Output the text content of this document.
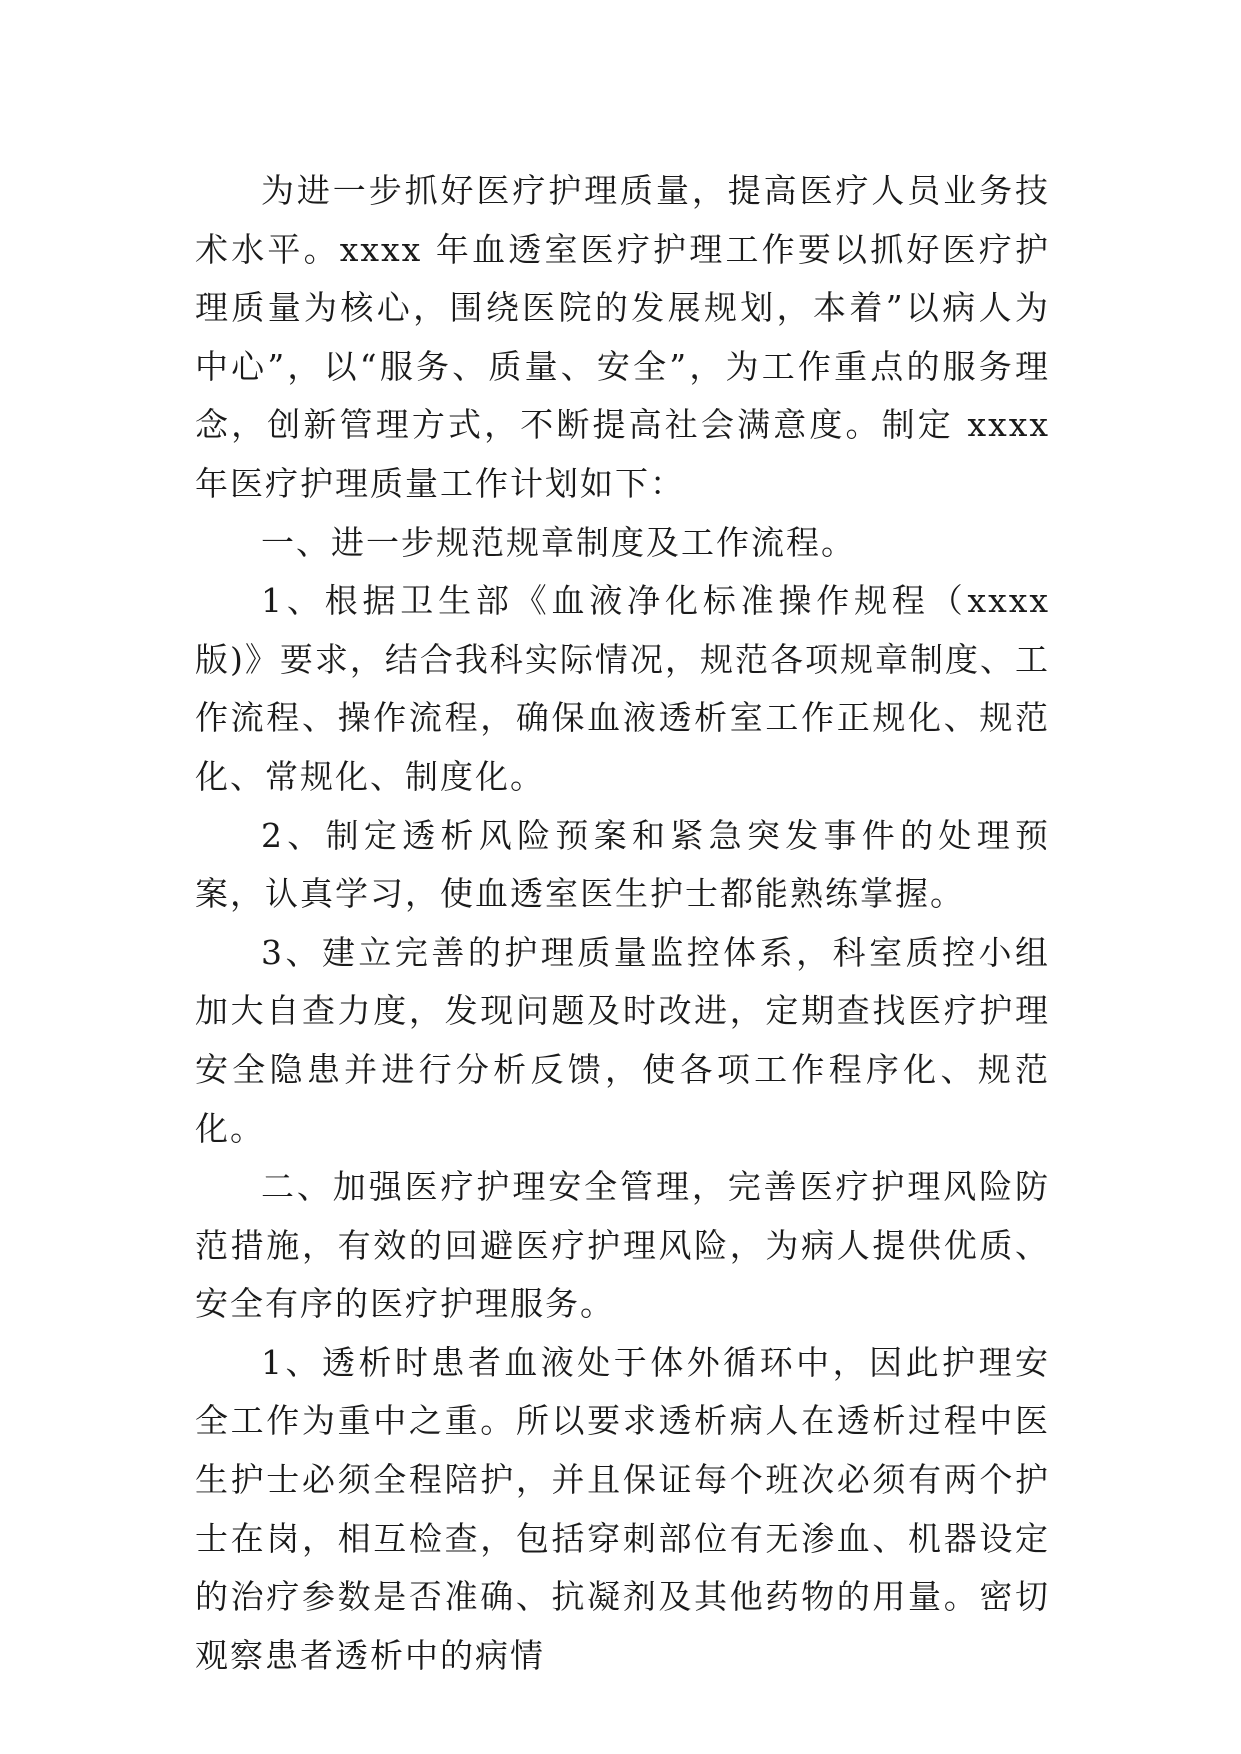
为进一步抓好医疗护理质量，提高医疗人员业务技术水平。xxxx 年血透室医疗护理工作要以抓好医疗护理质量为核心，围绕医院的发展规划，本着”以病人为中心”，以“服务、质量、安全”，为工作重点的服务理念，创新管理方式，不断提高社会满意度。制定 xxxx 年医疗护理质量工作计划如下：

一、进一步规范规章制度及工作流程。

1、根据卫生部《血液净化标准操作规程（xxxx 版)》要求，结合我科实际情况，规范各项规章制度、工作流程、操作流程，确保血液透析室工作正规化、规范化、常规化、制度化。

2、制定透析风险预案和紧急突发事件的处理预案，认真学习，使血透室医生护士都能熟练掌握。

3、建立完善的护理质量监控体系，科室质控小组加大自查力度，发现问题及时改进，定期查找医疗护理安全隐患并进行分析反馈，使各项工作程序化、规范化。

二、加强医疗护理安全管理，完善医疗护理风险防范措施，有效的回避医疗护理风险，为病人提供优质、安全有序的医疗护理服务。

1、透析时患者血液处于体外循环中，因此护理安全工作为重中之重。所以要求透析病人在透析过程中医生护士必须全程陪护，并且保证每个班次必须有两个护士在岗，相互检查，包括穿刺部位有无渗血、机器设定的治疗参数是否准确、抗凝剂及其他药物的用量。密切观察患者透析中的病情
